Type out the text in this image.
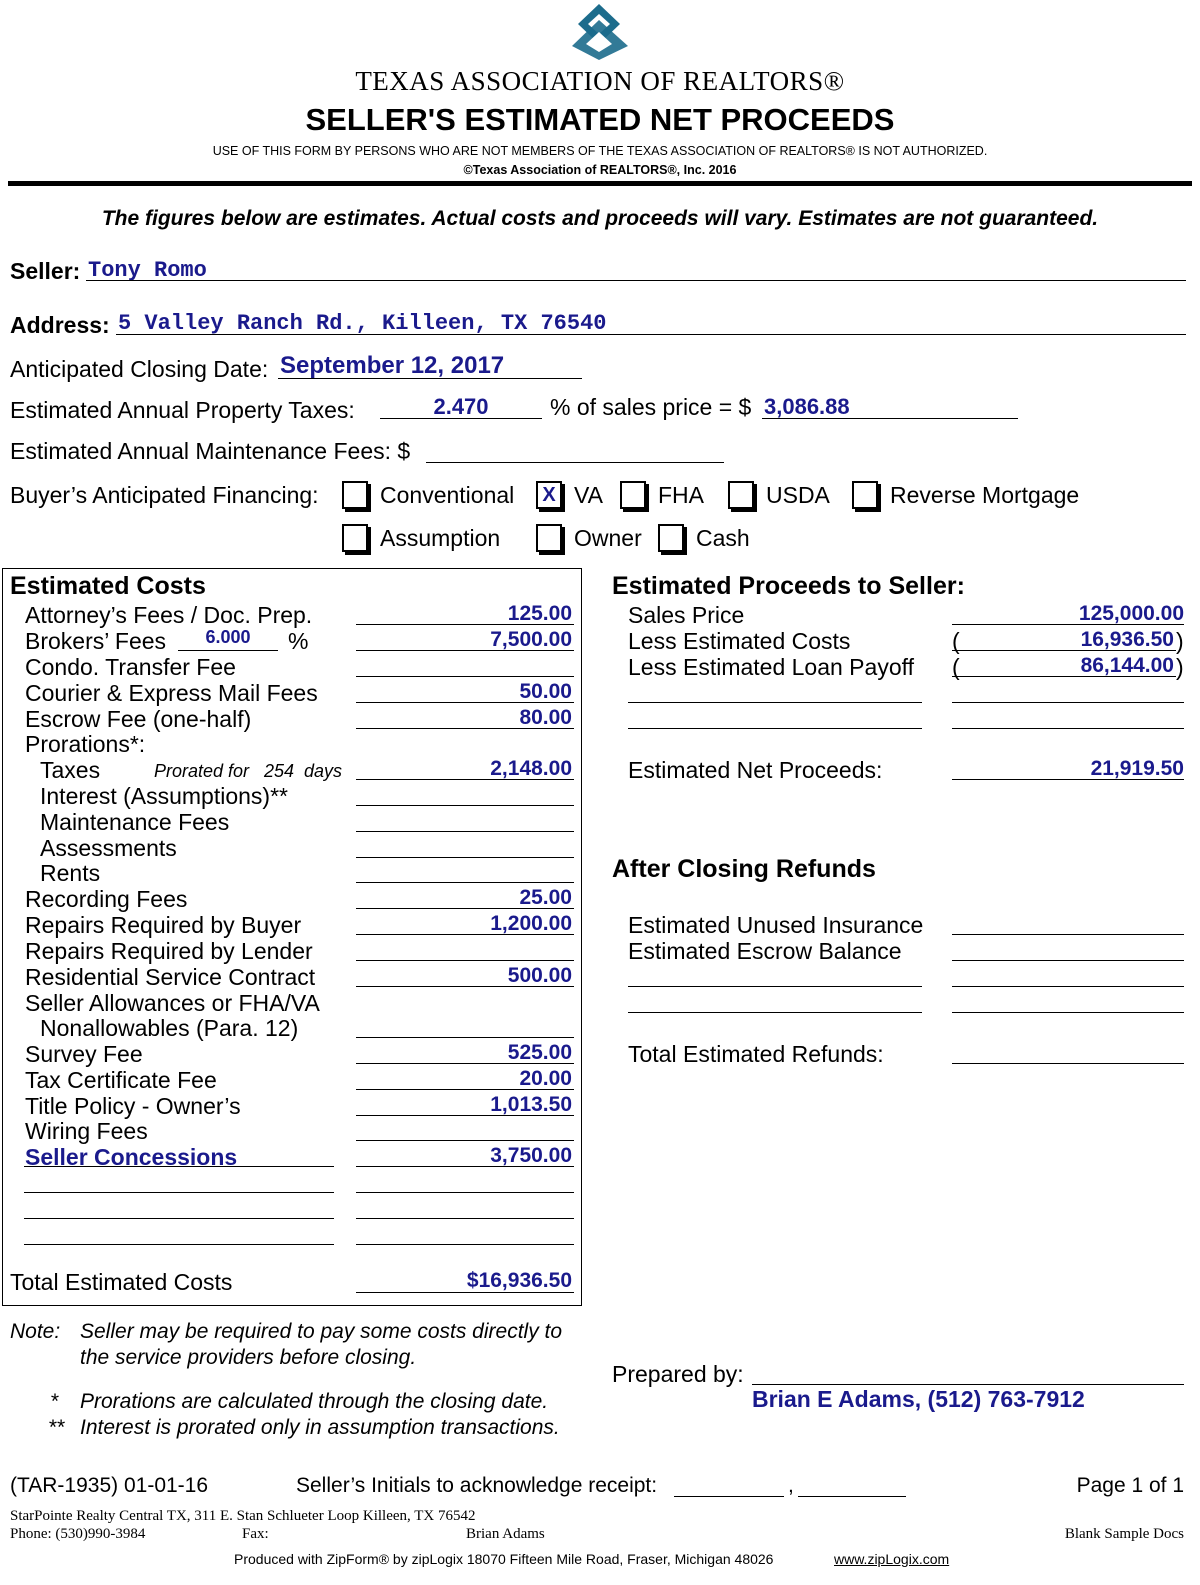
TEXAS ASSOCIATION OF REALTORS®
SELLER'S ESTIMATED NET PROCEEDS
USE OF THIS FORM BY PERSONS WHO ARE NOT MEMBERS OF THE TEXAS ASSOCIATION OF REALTORS® IS NOT AUTHORIZED.
©Texas Association of REALTORS®, Inc. 2016
The figures below are estimates. Actual costs and proceeds will vary. Estimates are not guaranteed.
Seller: Tony Romo
Address: 5 Valley Ranch Rd., Killeen, TX 76540
Anticipated Closing Date: September 12, 2017
Estimated Annual Property Taxes:	2.470	% of sales price = $ 3,086.88
Estimated Annual Maintenance Fees: $
Buyer’s Anticipated Financing:	Conventional	X VA FHA	USDA	Reverse Mortgage
Assumption	Owner Cash
Estimated Costs
Attorney’s Fees / Doc. Prep.	125.00
Brokers’ Fees	6.000	%	7,500.00
Condo. Transfer Fee
Courier & Express Mail Fees	50.00
Escrow Fee (one-half)	80.00
Prorations*:
Taxes	Prorated for 254 days	2,148.00
Interest (Assumptions)**
Maintenance Fees
Assessments
Rents
Recording Fees	25.00
Repairs Required by Buyer	1,200.00
Repairs Required by Lender
Residential Service Contract	500.00
Seller Allowances or FHA/VA
Nonallowables (Para. 12)
Survey Fee	525.00
Tax Certificate Fee	20.00
Title Policy - Owner’s	1,013.50
Wiring Fees
Seller Concessions	3,750.00
Total Estimated Costs	$16,936.50
Estimated Proceeds to Seller:
Sales Price	125,000.00
Less Estimated Costs	(	16,936.50 )
Less Estimated Loan Payoff (	86,144.00 )
Estimated Net Proceeds:	21,919.50
After Closing Refunds
Estimated Unused Insurance
Estimated Escrow Balance
Total Estimated Refunds:
Note: Seller may be required to pay some costs directly to
the service providers before closing.
* Prorations are calculated through the closing date.
** Interest is prorated only in assumption transactions.
Prepared by:
Brian E Adams, (512) 763-7912
(TAR-1935) 01-01-16	Seller’s Initials to acknowledge receipt:	,	Page 1 of 1
StarPointe Realty Central TX, 311 E. Stan Schlueter Loop Killeen, TX 76542
Phone: (530)990-3984	Fax:	Brian Adams	Blank Sample Docs
Produced with ZipForm® by zipLogix 18070 Fifteen Mile Road, Fraser, Michigan 48026	www.zipLogix.com
